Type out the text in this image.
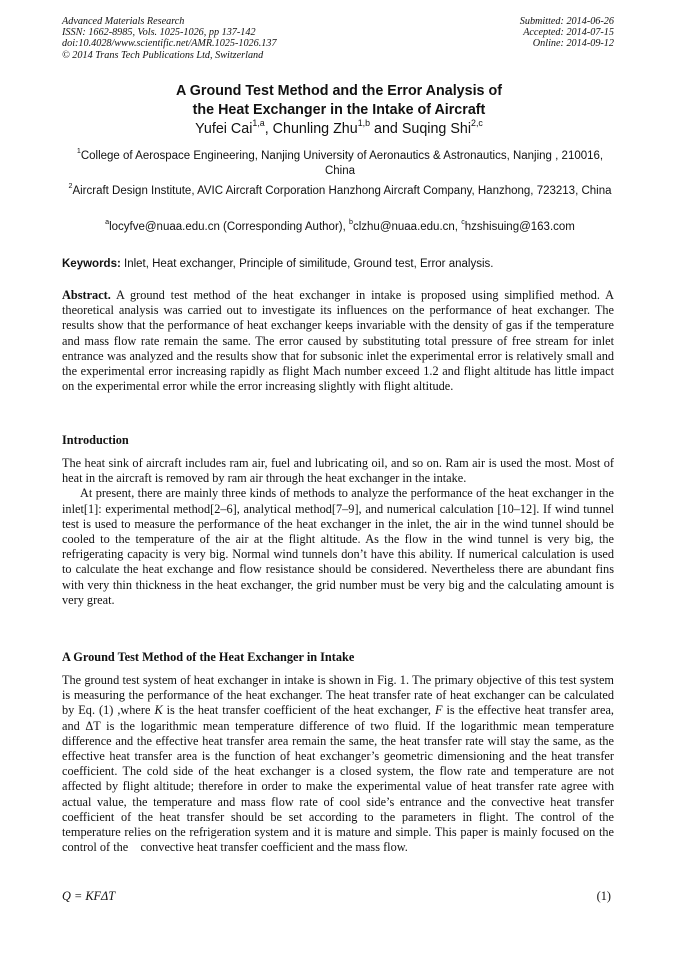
Advanced Materials Research
ISSN: 1662-8985, Vols. 1025-1026, pp 137-142
doi:10.4028/www.scientific.net/AMR.1025-1026.137
© 2014 Trans Tech Publications Ltd, Switzerland
Submitted: 2014-06-26
Accepted: 2014-07-15
Online: 2014-09-12
A Ground Test Method and the Error Analysis of
the Heat Exchanger in the Intake of Aircraft
Yufei Cai$^{1,a}$, Chunling Zhu$^{1,b}$ and Suqing Shi$^{2,c}$
$^1$College of Aerospace Engineering, Nanjing University of Aeronautics & Astronautics, Nanjing , 210016, China
$^2$Aircraft Design Institute, AVIC Aircraft Corporation Hanzhong Aircraft Company, Hanzhong, 723213, China
$^a$locyfve@nuaa.edu.cn (Corresponding Author), $^b$clzhu@nuaa.edu.cn, $^c$hzshisuing@163.com
Keywords: Inlet, Heat exchanger, Principle of similitude, Ground test, Error analysis.

Abstract. A ground test method of the heat exchanger in intake is proposed using simplified method. A theoretical analysis was carried out to investigate its influences on the performance of heat exchanger. The results show that the performance of heat exchanger keeps invariable with the density of gas if the temperature and mass flow rate remain the same. The error caused by substituting total pressure of free stream for inlet entrance was analyzed and the results show that for subsonic inlet the experimental error is relatively small and the experimental error increasing rapidly as flight Mach number exceed 1.2 and flight altitude has little impact on the experimental error while the error increasing slightly with flight altitude.

Introduction

The heat sink of aircraft includes ram air, fuel and lubricating oil, and so on. Ram air is used the most. Most of heat in the aircraft is removed by ram air through the heat exchanger in the intake.

At present, there are mainly three kinds of methods to analyze the performance of the heat exchanger in the inlet[1]: experimental method[2–6], analytical method[7–9], and numerical calculation [10–12]. If wind tunnel test is used to measure the performance of the heat exchanger in the inlet, the air in the wind tunnel should be cooled to the temperature of the air at the flight altitude. As the flow in the wind tunnel is very big, the refrigerating capacity is very big. Normal wind tunnels don’t have this ability. If numerical calculation is used to calculate the heat exchange and flow resistance should be considered. Nevertheless there are abundant fins with very thin thickness in the heat exchanger, the grid number must be very big and the calculating amount is very great.

A Ground Test Method of the Heat Exchanger in Intake

The ground test system of heat exchanger in intake is shown in Fig. 1. The primary objective of this test system is measuring the performance of the heat exchanger. The heat transfer rate of heat exchanger can be calculated by Eq. (1) ,where K is the heat transfer coefficient of the heat exchanger, F is the effective heat transfer area, and ΔT is the logarithmic mean temperature difference of two fluid. If the logarithmic mean temperature difference and the effective heat transfer area remain the same, the heat transfer rate will stay the same, as the effective heat transfer area is the function of heat exchanger’s geometric dimensioning and the heat transfer coefficient. The cold side of the heat exchanger is a closed system, the flow rate and temperature are not affected by flight altitude; therefore in order to make the experimental value of heat transfer rate agree with actual value, the temperature and mass flow rate of cool side’s entrance and the convective heat transfer coefficient of the heat transfer should be set according to the parameters in flight. The control of the temperature relies on the refrigeration system and it is mature and simple. This paper is mainly focused on the control of the    convective heat transfer coefficient and the mass flow.

Q = KFΔT	(1)
